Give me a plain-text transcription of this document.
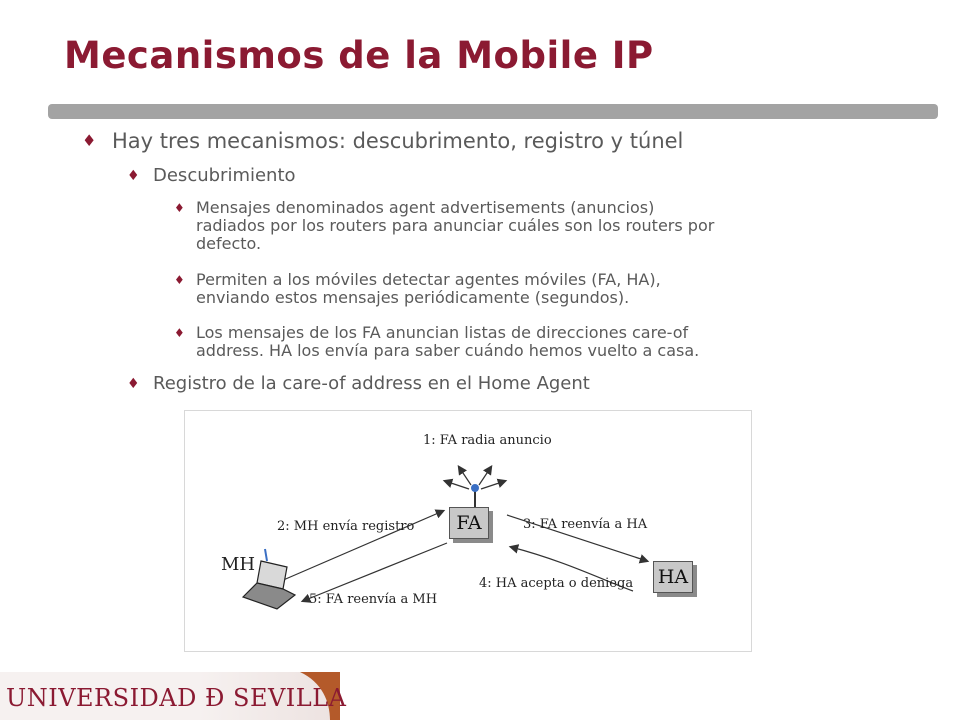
Mecanismos de la Mobile IP
♦ Hay tres mecanismos: descubrimento, registro y túnel
♦ Descubrimiento
♦ Mensajes denominados agent advertisements (anuncios)
radiados por los routers para anunciar cuáles son los routers por
defecto.
♦ Permiten a los móviles detectar agentes móviles (FA, HA),
enviando estos mensajes periódicamente (segundos).
♦ Los mensajes de los FA anuncian listas de direcciones care-of
address. HA los envía para saber cuándo hemos vuelto a casa.
♦ Registro de la care-of address en el Home Agent
1: FA radia anuncio
2: MH envía registro	3: FA reenvía a HA
4: HA acepta o deniega
5: FA reenvía a MH
MH
FA
HA
UNIVERSIDAD Ð SEVILLA
